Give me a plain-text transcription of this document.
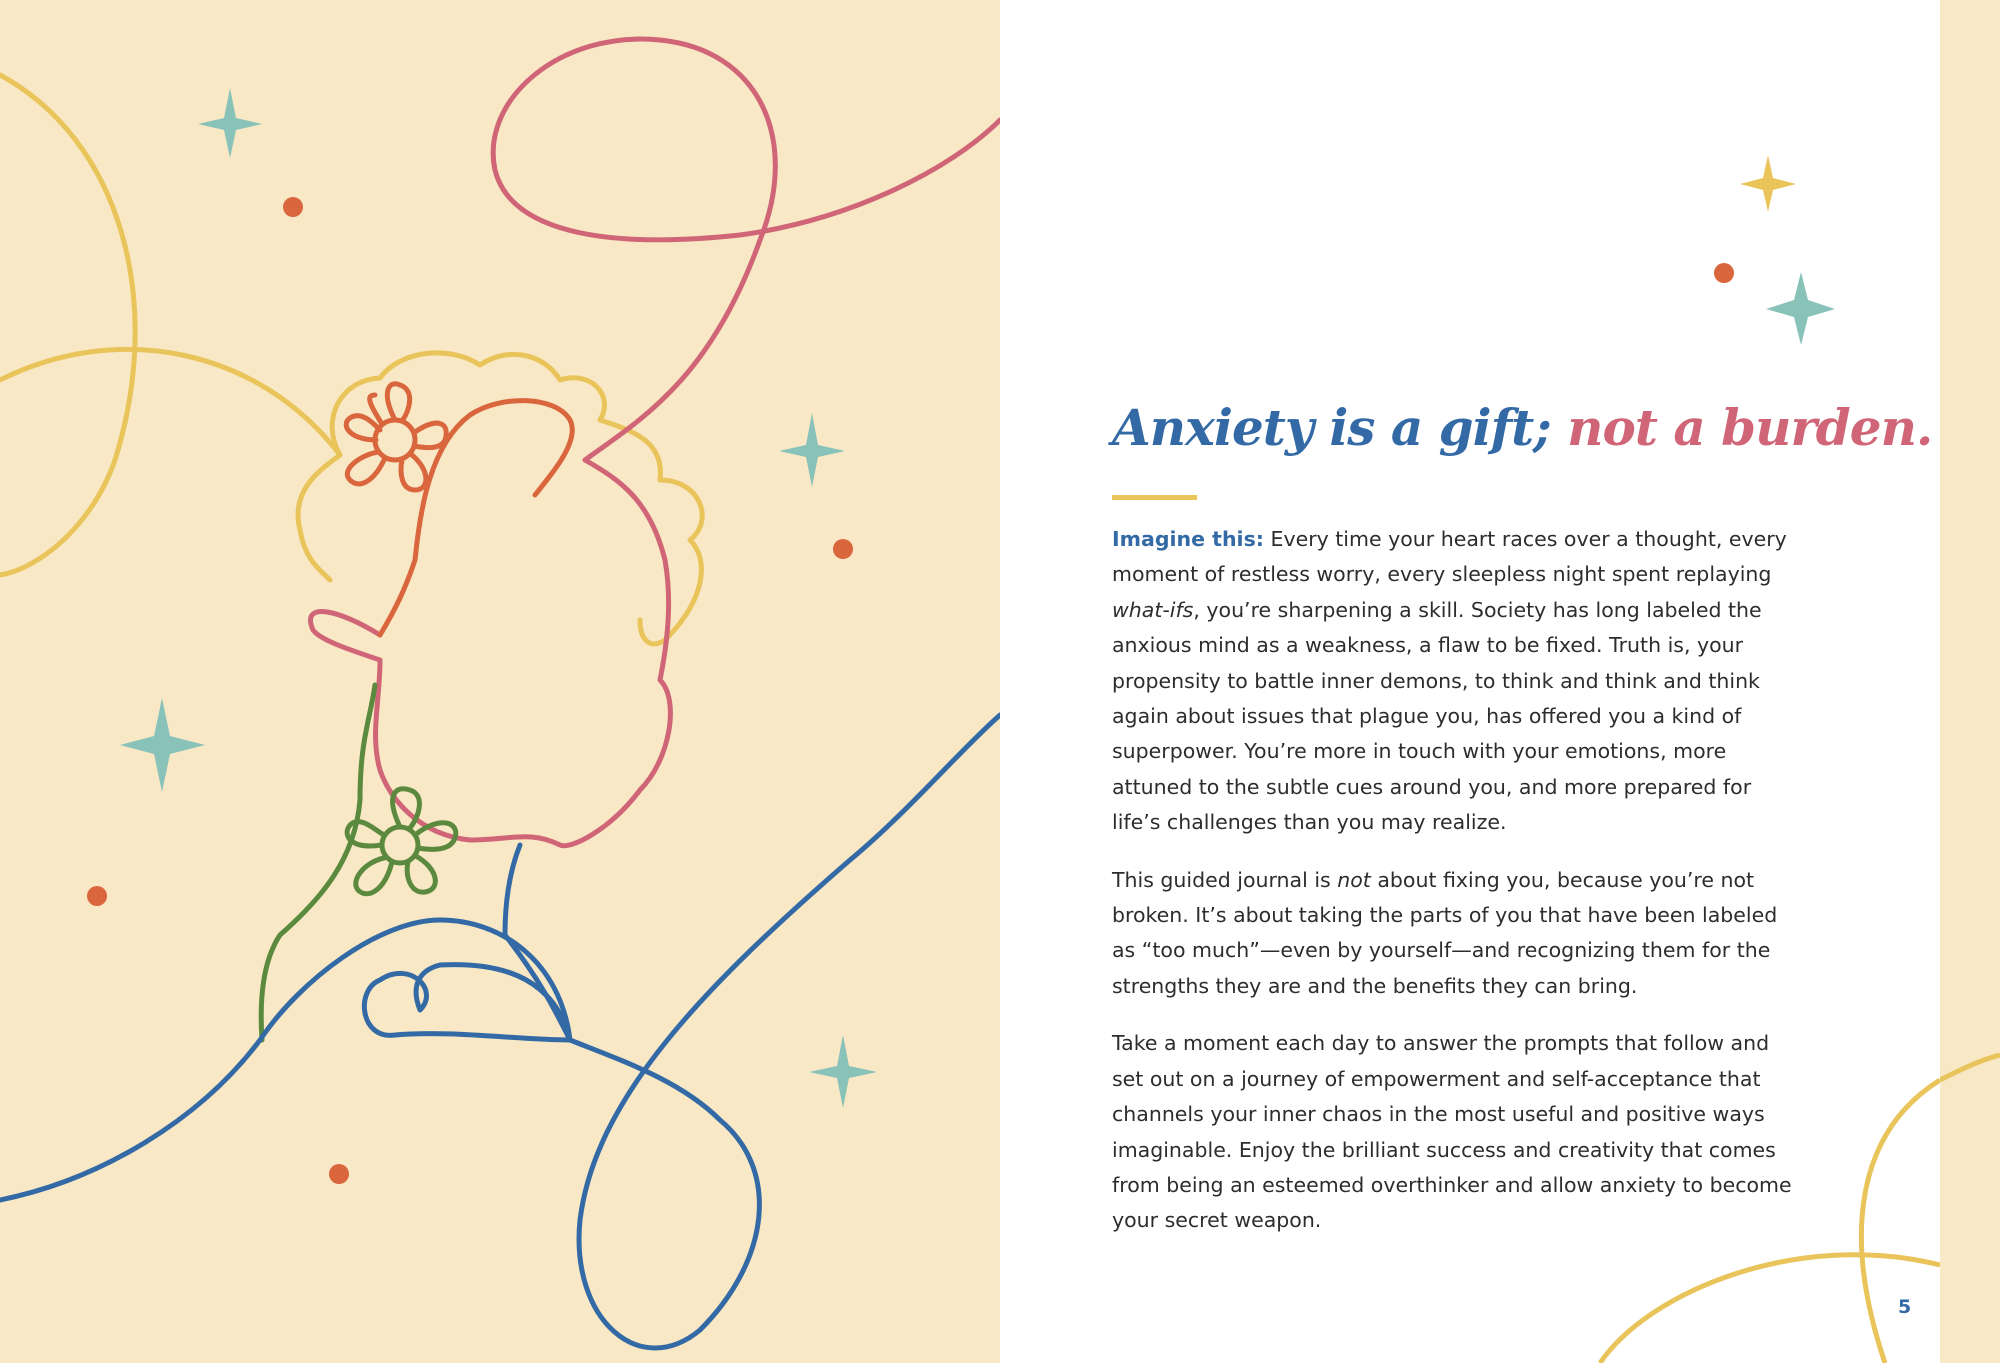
Anxiety is a gift; not a burden.

Imagine this: Every time your heart races over a thought, every moment of restless worry, every sleepless night spent replaying what-ifs, you’re sharpening a skill. Society has long labeled the anxious mind as a weakness, a flaw to be fixed. Truth is, your propensity to battle inner demons, to think and think and think again about issues that plague you, has offered you a kind of superpower. You’re more in touch with your emotions, more attuned to the subtle cues around you, and more prepared for life’s challenges than you may realize.

This guided journal is not about fixing you, because you’re not broken. It’s about taking the parts of you that have been labeled as “too much”—even by yourself—and recognizing them for the strengths they are and the benefits they can bring.

Take a moment each day to answer the prompts that follow and set out on a journey of empowerment and self-acceptance that channels your inner chaos in the most useful and positive ways imaginable. Enjoy the brilliant success and creativity that comes from being an esteemed overthinker and allow anxiety to become your secret weapon.

5
